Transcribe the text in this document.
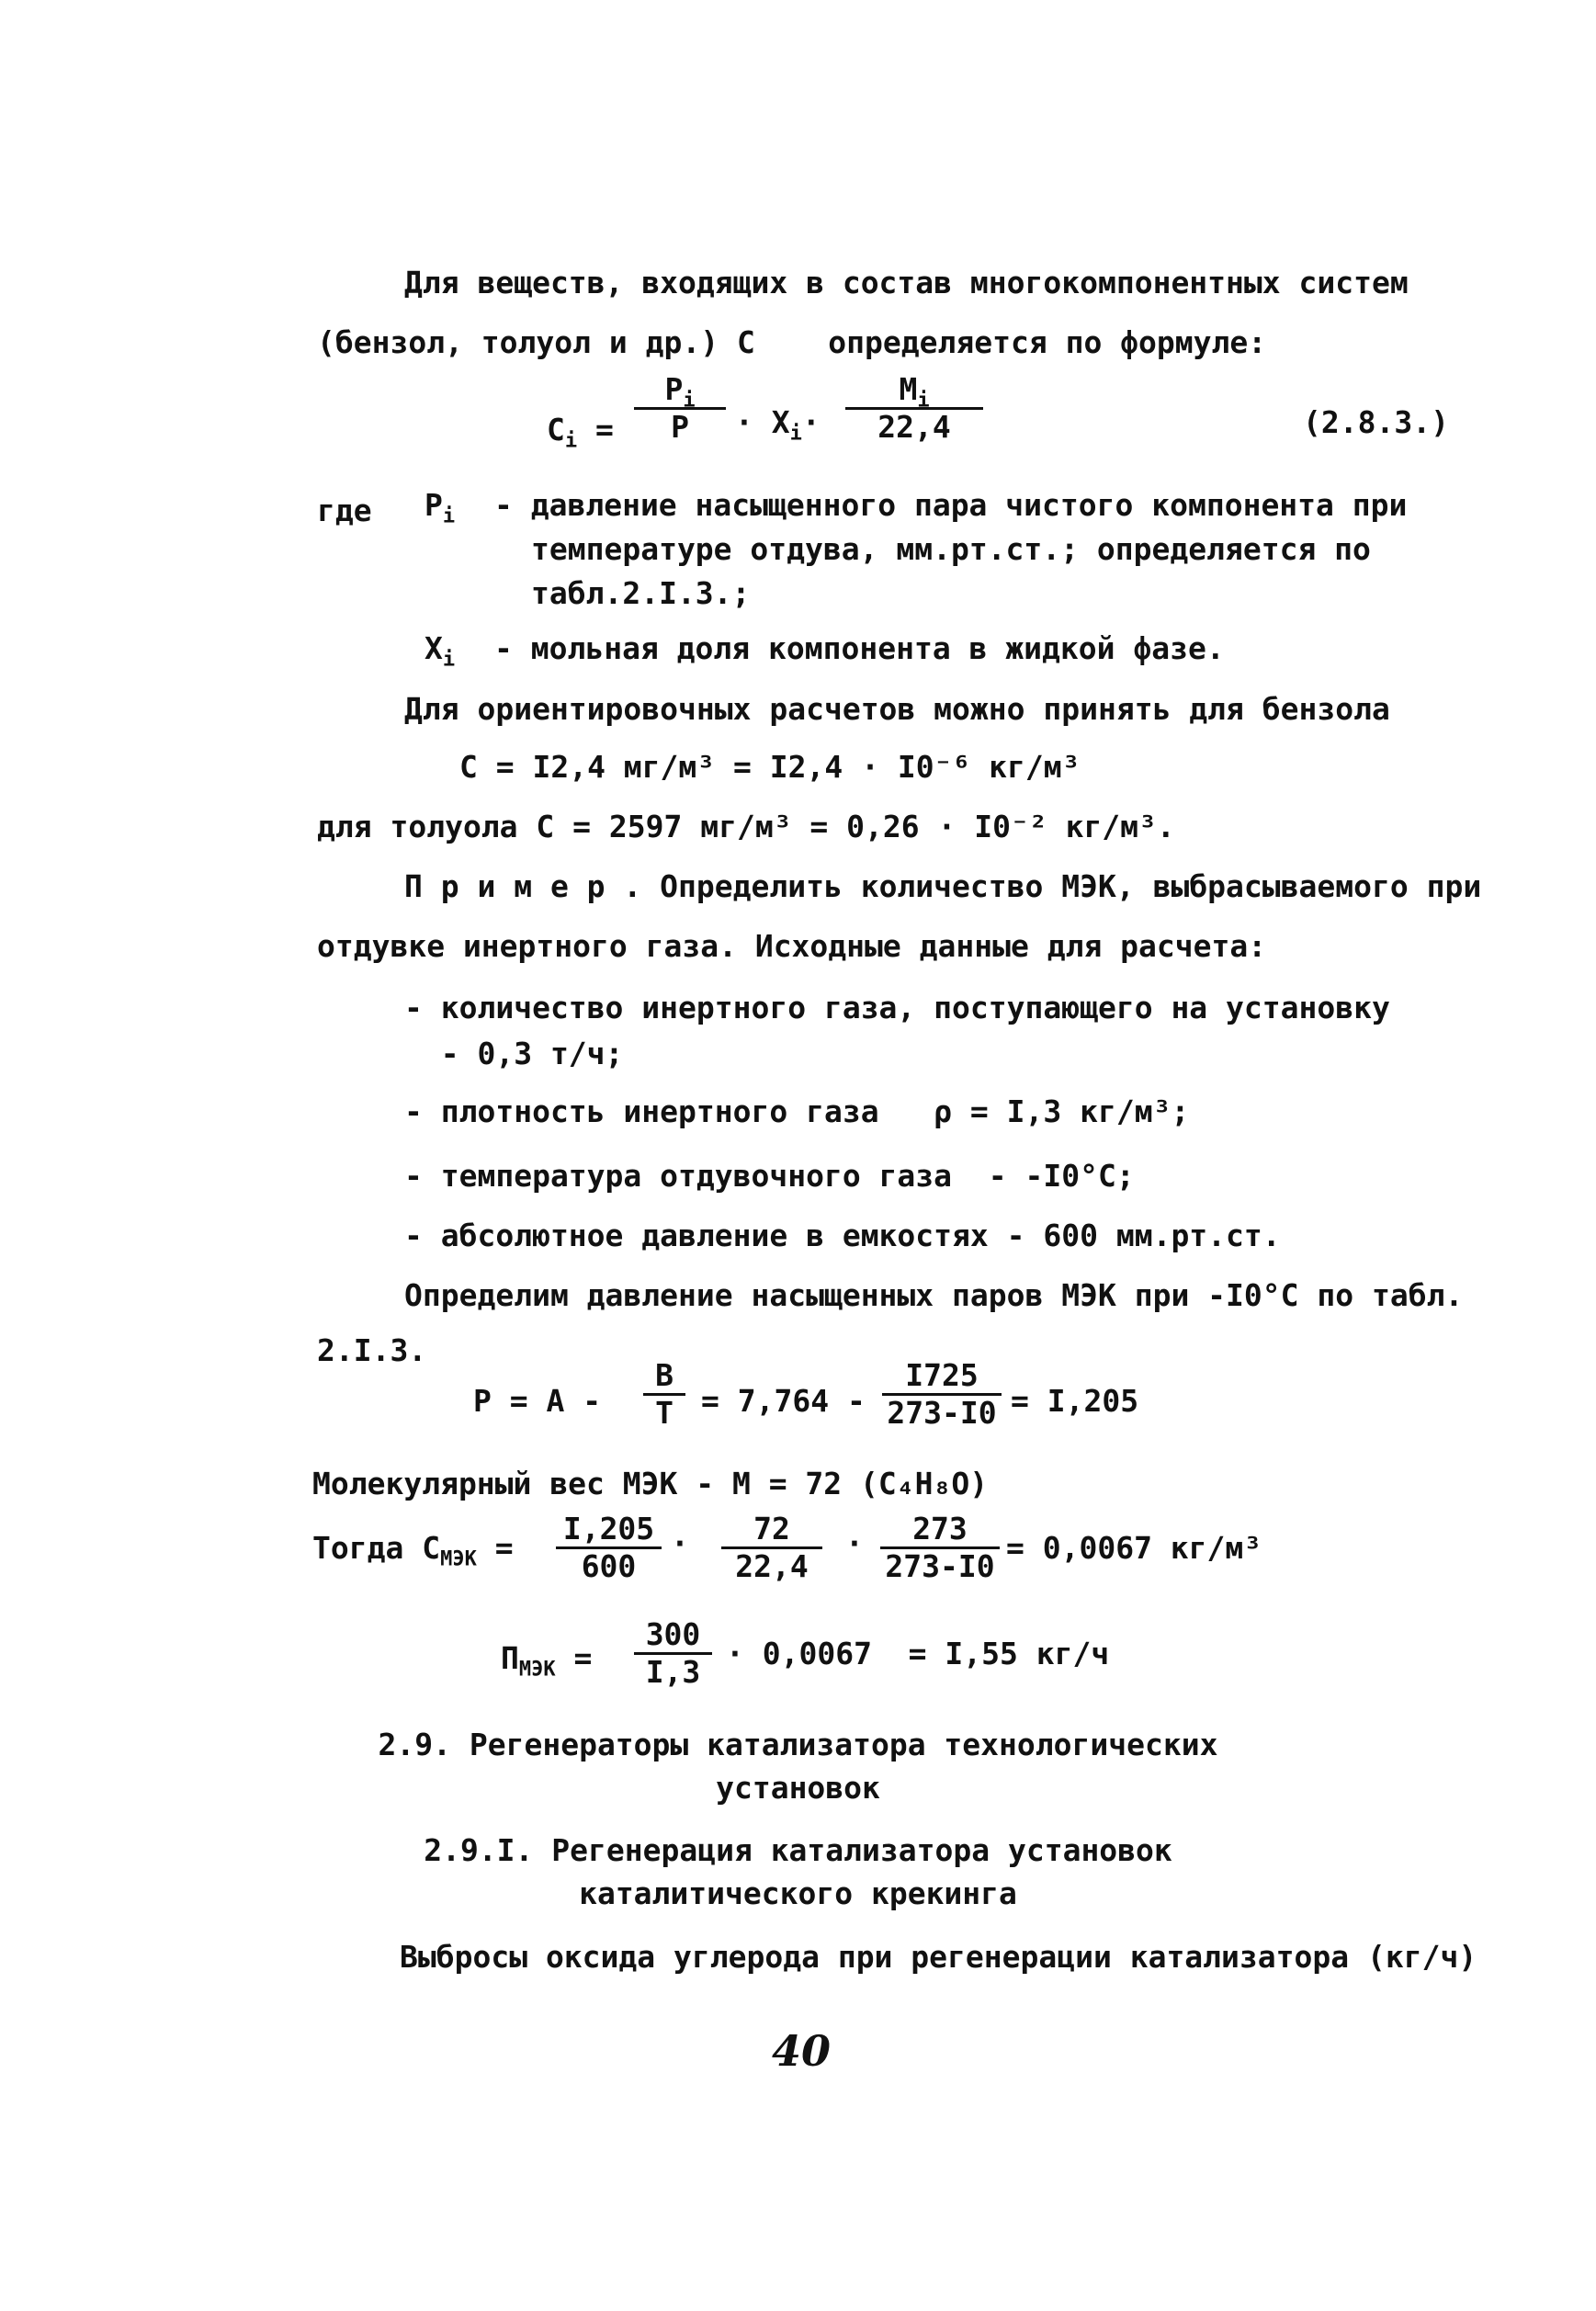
Для веществ, входящих в состав многокомпонентных систем
(бензол, толуол и др.) С    определяется по формуле:
$C_i = \frac{P_i}{P} \cdot X_i\cdot \frac{M_i}{22,4}$	(2.8.3.)
где $P_i$ - давление насыщенного пара чистого компонента при
температуре отдува, мм.рт.ст.; определяется по
табл.2.I.3.;
$X_i$ - мольная доля компонента в жидкой фазе.
Для ориентировочных расчетов можно принять для бензола
С = I2,4 мг/м³ = I2,4 · I0⁻⁶ кг/м³
для толуола С = 2597 мг/м³ = 0,26 · I0⁻² кг/м³.
П р и м е р . Определить количество МЭК, выбрасываемого при
отдувке инертного газа. Исходные данные для расчета:
- количество инертного газа, поступающего на установку
- 0,3 т/ч;
- плотность инертного газа   ρ = I,3 кг/м³;
- температура отдувочного газа  - -I0°С;
- абсолютное давление в емкостях - 600 мм.рт.ст.
Определим давление насыщенных паров МЭК при -I0°С по табл.
2.I.3.
$P = A - \frac{B}{T} = 7,764 - \frac{I725}{273-I0} = I,205$
Молекулярный вес МЭК - М = 72 (С₄Н₈О)
Тогда $С_{МЭК} = \frac{I,205}{600} \cdot \frac{72}{22,4} \cdot \frac{273}{273-I0} = 0,0067$ кг/м³
$П_{МЭК} = \frac{300}{I,3} \cdot 0,0067 = I,55$ кг/ч
2.9. Регенераторы катализатора технологических
установок
2.9.I. Регенерация катализатора установок
каталитического крекинга
Выбросы оксида углерода при регенерации катализатора (кг/ч)
40
